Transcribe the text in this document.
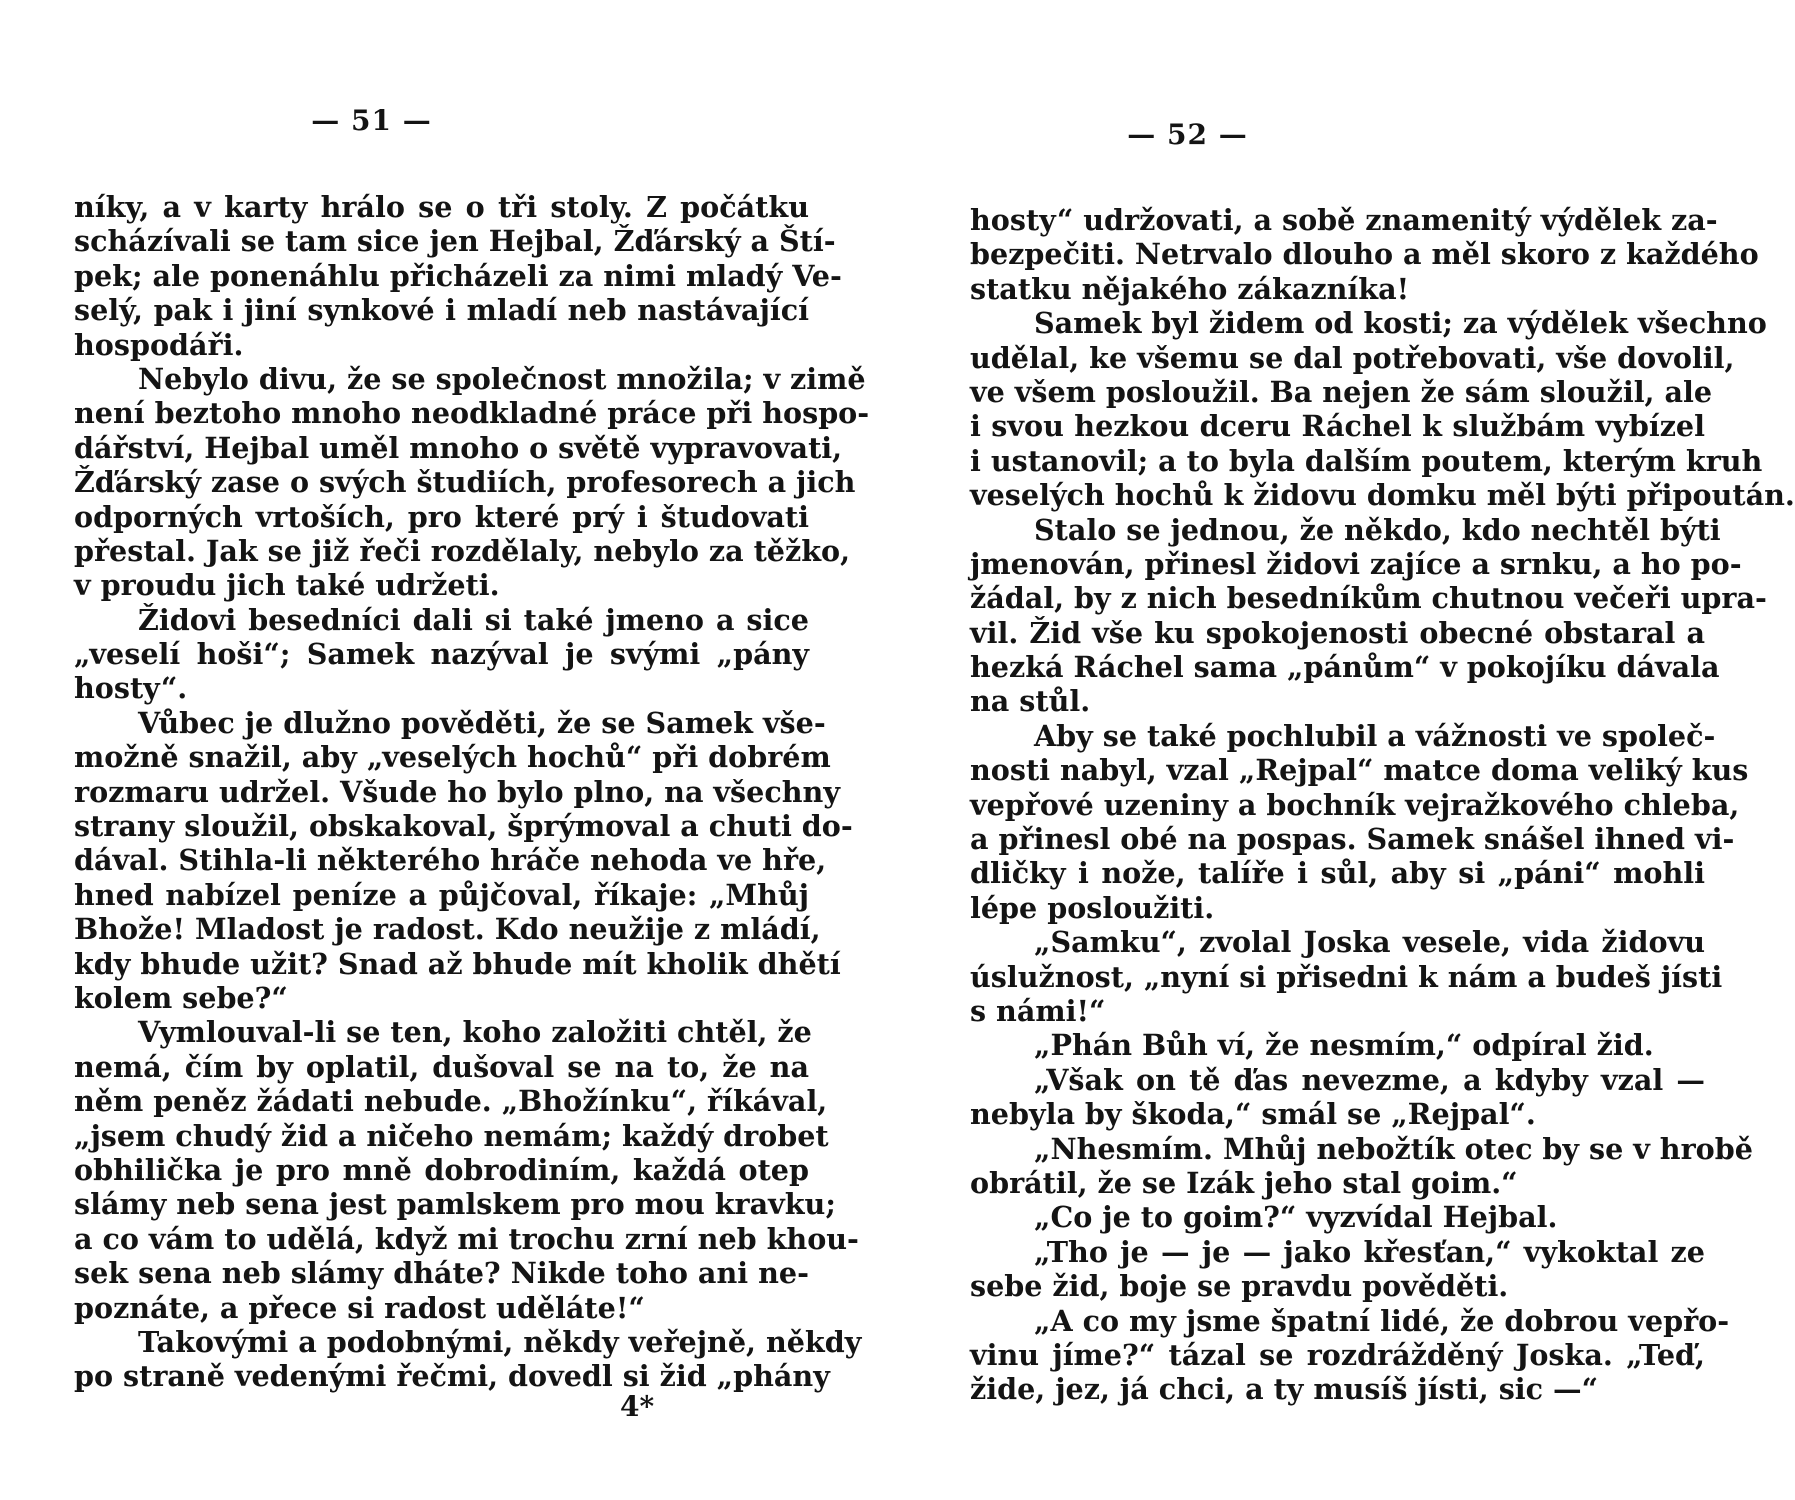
— 51 —
níky, a v karty hrálo se o tři stoly. Z počátku
scházívali se tam sice jen Hejbal, Žďárský a Ští-
pek; ale ponenáhlu přicházeli za nimi mladý Ve-
selý, pak i jiní synkové i mladí neb nastávající
hospodáři.
Nebylo divu, že se společnost množila; v zimě
není beztoho mnoho neodkladné práce při hospo-
dářství, Hejbal uměl mnoho o světě vypravovati,
Žďárský zase o svých študiích, profesorech a jich
odporných vrtoších, pro které prý i študovati
přestal. Jak se již řeči rozdělaly, nebylo za těžko,
v proudu jich také udržeti.
Židovi besedníci dali si také jmeno a sice
„veselí hoši“; Samek nazýval je svými „pány
hosty“.
Vůbec je dlužno pověděti, že se Samek vše-
možně snažil, aby „veselých hochů“ při dobrém
rozmaru udržel. Všude ho bylo plno, na všechny
strany sloužil, obskakoval, šprýmoval a chuti do-
dával. Stihla-li některého hráče nehoda ve hře,
hned nabízel peníze a půjčoval, říkaje: „Mhůj
Bhože! Mladost je radost. Kdo neužije z mládí,
kdy bhude užit? Snad až bhude mít kholik dhětí
kolem sebe?“
Vymlouval-li se ten, koho založiti chtěl, že
nemá, čím by oplatil, dušoval se na to, že na
něm peněz žádati nebude. „Bhožínku“, říkával,
„jsem chudý žid a ničeho nemám; každý drobet
obhilička je pro mně dobrodiním, každá otep
slámy neb sena jest pamlskem pro mou kravku;
a co vám to udělá, když mi trochu zrní neb khou-
sek sena neb slámy dháte? Nikde toho ani ne-
poznáte, a přece si radost uděláte!“
Takovými a podobnými, někdy veřejně, někdy
po straně vedenými řečmi, dovedl si žid „phány
— 52 —
hosty“ udržovati, a sobě znamenitý výdělek za-
bezpečiti. Netrvalo dlouho a měl skoro z každého
statku nějakého zákazníka!
Samek byl židem od kosti; za výdělek všechno
udělal, ke všemu se dal potřebovati, vše dovolil,
ve všem posloužil. Ba nejen že sám sloužil, ale
i svou hezkou dceru Ráchel k službám vybízel
i ustanovil; a to byla dalším poutem, kterým kruh
veselých hochů k židovu domku měl býti připoután.
Stalo se jednou, že někdo, kdo nechtěl býti
jmenován, přinesl židovi zajíce a srnku, a ho po-
žádal, by z nich besedníkům chutnou večeři upra-
vil. Žid vše ku spokojenosti obecné obstaral a
hezká Ráchel sama „pánům“ v pokojíku dávala
na stůl.
Aby se také pochlubil a vážnosti ve společ-
nosti nabyl, vzal „Rejpal“ matce doma veliký kus
vepřové uzeniny a bochník vejražkového chleba,
a přinesl obé na pospas. Samek snášel ihned vi-
dličky i nože, talíře i sůl, aby si „páni“ mohli
lépe posloužiti.
„Samku“, zvolal Joska vesele, vida židovu
úslužnost, „nyní si přisedni k nám a budeš jísti
s námi!“
„Phán Bůh ví, že nesmím,“ odpíral žid.
„Však on tě ďas nevezme, a kdyby vzal —
nebyla by škoda,“ smál se „Rejpal“.
„Nhesmím. Mhůj nebožtík otec by se v hrobě
obrátil, že se Izák jeho stal goim.“
„Co je to goim?“ vyzvídal Hejbal.
„Tho je — je — jako křesťan,“ vykoktal ze
sebe žid, boje se pravdu pověděti.
„A co my jsme špatní lidé, že dobrou vepřo-
vinu jíme?“ tázal se rozdrážděný Joska. „Teď,
žide, jez, já chci, a ty musíš jísti, sic —“
4*
